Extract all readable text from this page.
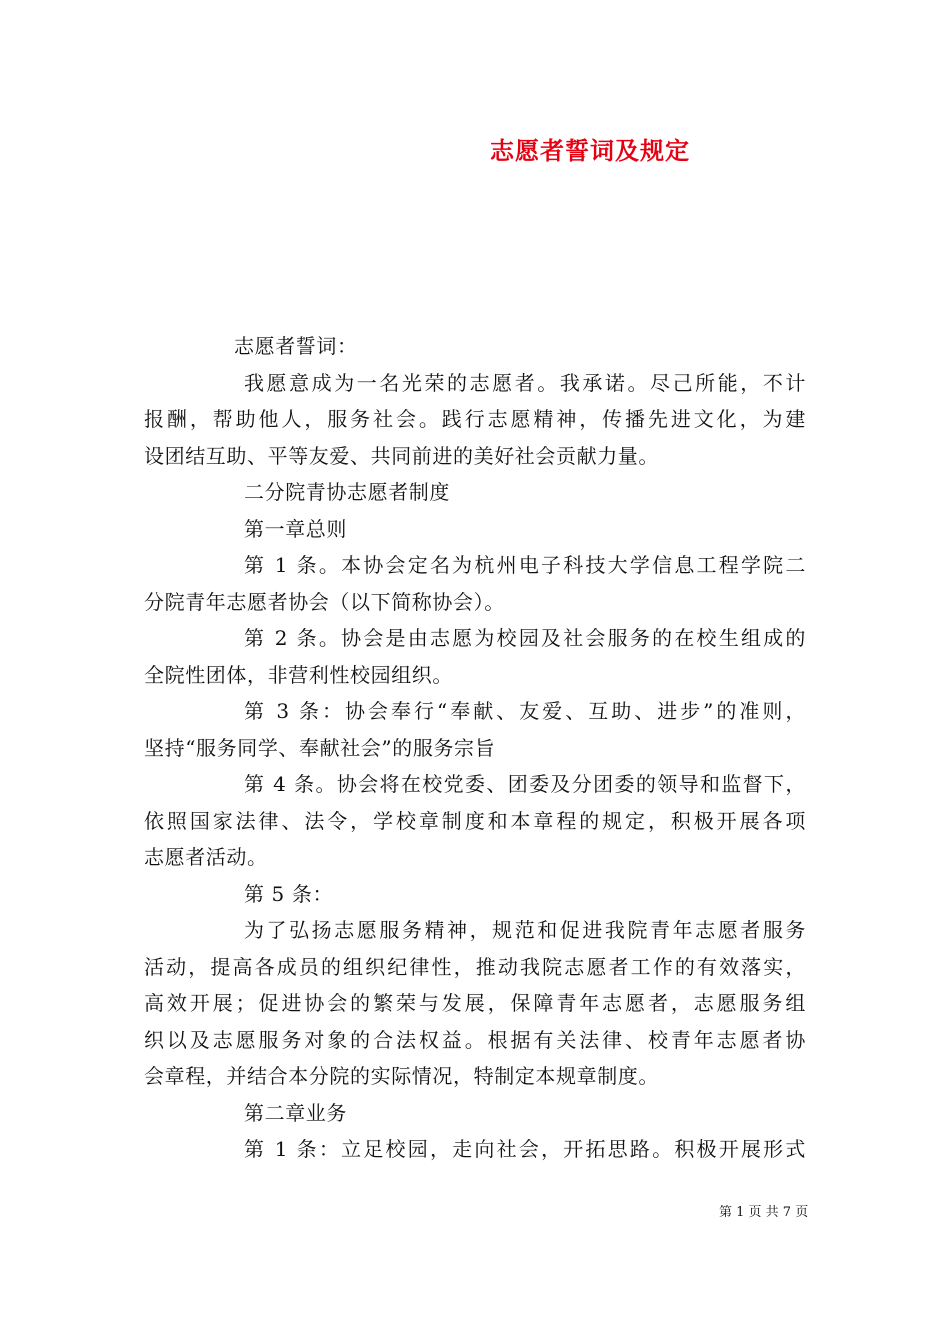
志愿者誓词及规定
志愿者誓词：
我愿意成为一名光荣的志愿者。我承诺。尽己所能，不计
报酬，帮助他人，服务社会。践行志愿精神，传播先进文化，为建
设团结互助、平等友爱、共同前进的美好社会贡献力量。
二分院青协志愿者制度
第一章总则
第 1 条。本协会定名为杭州电子科技大学信息工程学院二
分院青年志愿者协会（以下简称协会）。
第 2 条。协会是由志愿为校园及社会服务的在校生组成的
全院性团体，非营利性校园组织。
第 3 条：协会奉行“奉献、友爱、互助、进步”的准则，
坚持“服务同学、奉献社会”的服务宗旨
第 4 条。协会将在校党委、团委及分团委的领导和监督下，
依照国家法律、法令，学校章制度和本章程的规定，积极开展各项
志愿者活动。
第 5 条：
为了弘扬志愿服务精神，规范和促进我院青年志愿者服务
活动，提高各成员的组织纪律性，推动我院志愿者工作的有效落实，
高效开展；促进协会的繁荣与发展，保障青年志愿者，志愿服务组
织以及志愿服务对象的合法权益。根据有关法律、校青年志愿者协
会章程，并结合本分院的实际情况，特制定本规章制度。
第二章业务
第 1 条：立足校园，走向社会，开拓思路。积极开展形式
第 1 页 共 7 页
